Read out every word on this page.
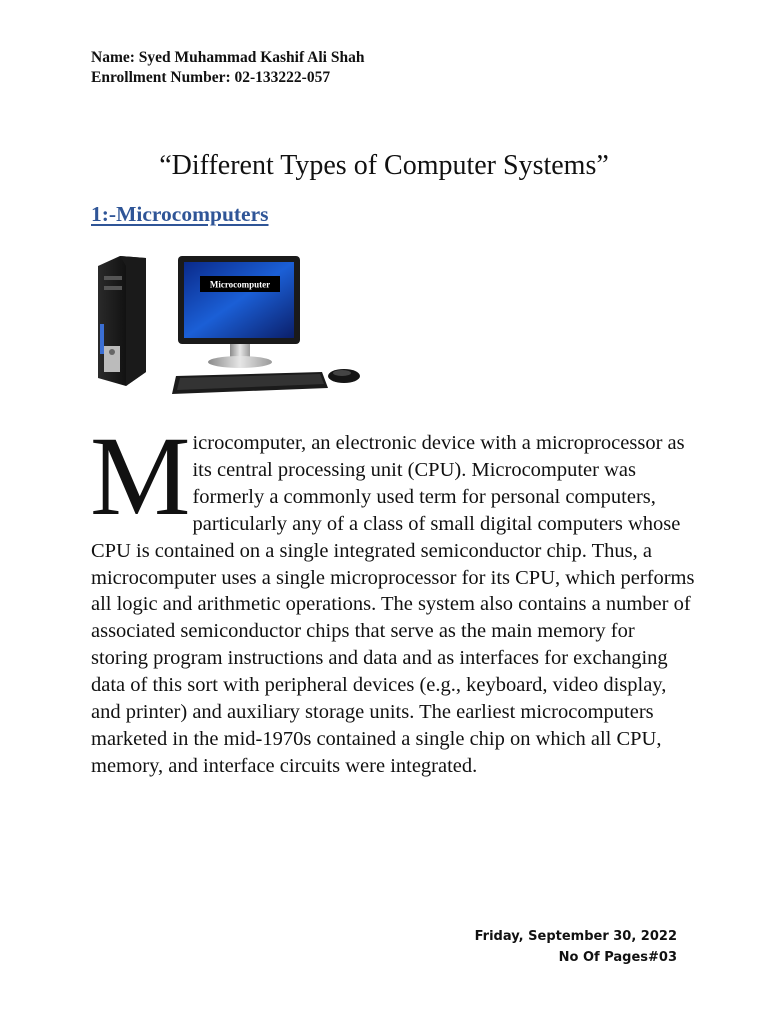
Name: Syed Muhammad Kashif Ali Shah
Enrollment Number: 02-133222-057
“Different Types of Computer Systems”
1:-Microcomputers
Microcomputer
Microcomputer, an electronic device with a microprocessor as its central processing unit (CPU). Microcomputer was formerly a commonly used term for personal computers, particularly any of a class of small digital computers whose CPU is contained on a single integrated semiconductor chip. Thus, a microcomputer uses a single microprocessor for its CPU, which performs all logic and arithmetic operations. The system also contains a number of associated semiconductor chips that serve as the main memory for storing program instructions and data and as interfaces for exchanging data of this sort with peripheral devices (e.g., keyboard, video display, and printer) and auxiliary storage units. The earliest microcomputers marketed in the mid-1970s contained a single chip on which all CPU, memory, and interface circuits were integrated.
Friday, September 30, 2022
No Of Pages#03
